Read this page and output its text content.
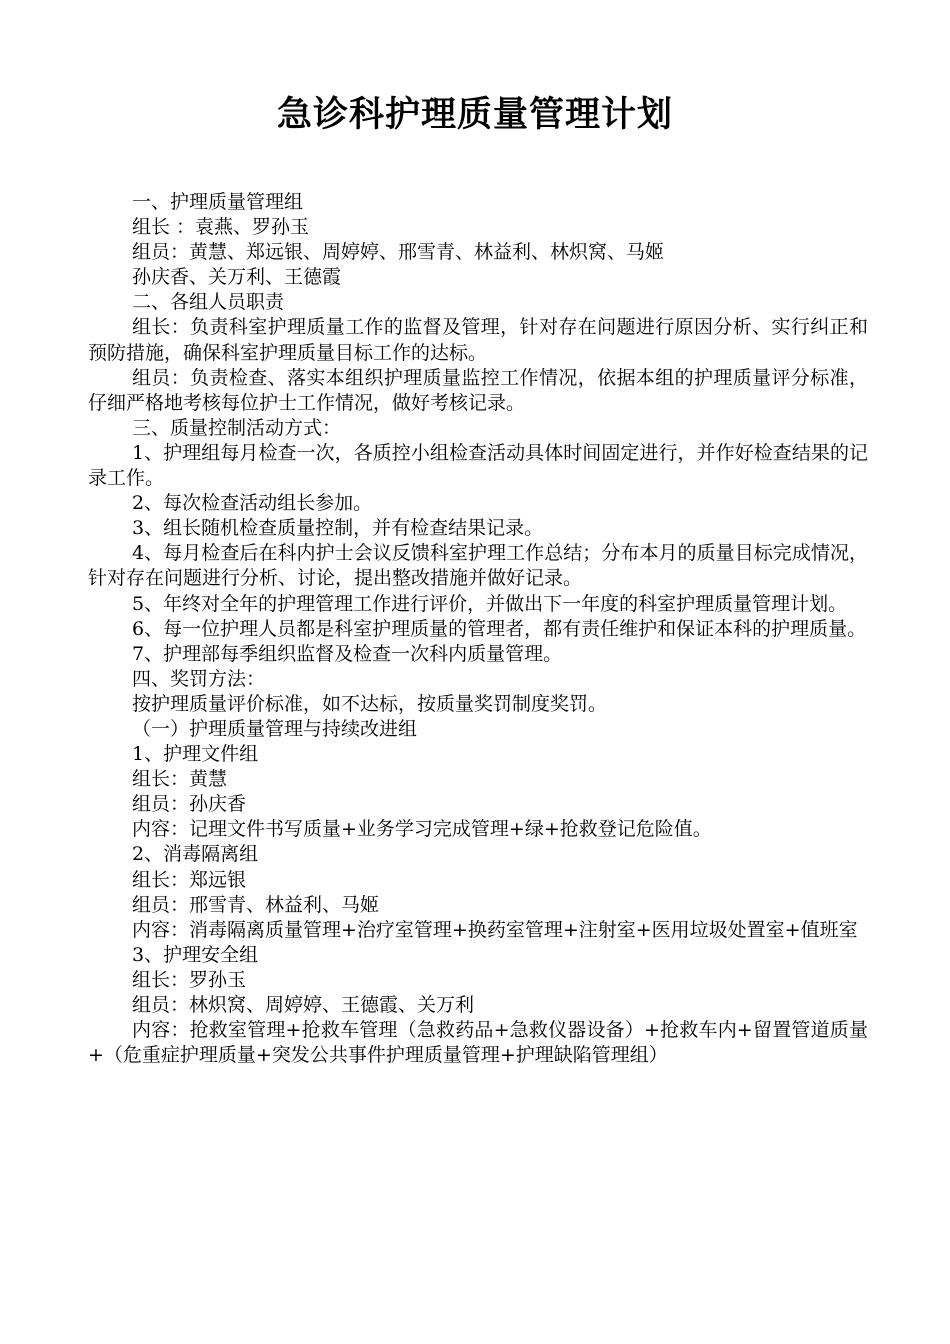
急诊科护理质量管理计划

一、护理质量管理组

组长 ：袁燕、罗孙玉

组员：黄慧、郑远银、周婷婷、邢雪青、林益利、林炽窝、马姬

孙庆香、关万利、王德霞

二、各组人员职责

组长：负责科室护理质量工作的监督及管理，针对存在问题进行原因分析、实行纠正和预防措施，确保科室护理质量目标工作的达标。

组员：负责检查、落实本组织护理质量监控工作情况，依据本组的护理质量评分标准，仔细严格地考核每位护士工作情况，做好考核记录。

三、质量控制活动方式：

1、护理组每月检查一次，各质控小组检查活动具体时间固定进行，并作好检查结果的记录工作。

2、每次检查活动组长参加。

3、组长随机检查质量控制，并有检查结果记录。

4、每月检查后在科内护士会议反馈科室护理工作总结；分布本月的质量目标完成情况，针对存在问题进行分析、讨论，提出整改措施并做好记录。

5、年终对全年的护理管理工作进行评价，并做出下一年度的科室护理质量管理计划。

6、每一位护理人员都是科室护理质量的管理者，都有责任维护和保证本科的护理质量。

7、护理部每季组织监督及检查一次科内质量管理。

四、奖罚方法：

按护理质量评价标准，如不达标，按质量奖罚制度奖罚。

（一）护理质量管理与持续改进组

1、护理文件组

组长：黄慧

组员：孙庆香

内容：记理文件书写质量+业务学习完成管理+绿+抢救登记危险值。

2、消毒隔离组

组长：郑远银

组员：邢雪青、林益利、马姬

内容：消毒隔离质量管理+治疗室管理+换药室管理+注射室+医用垃圾处置室+值班室

3、护理安全组

组长：罗孙玉

组员：林炽窝、周婷婷、王德霞、关万利

内容：抢救室管理+抢救车管理（急救药品+急救仪器设备）+抢救车内+留置管道质量+（危重症护理质量+突发公共事件护理质量管理+护理缺陷管理组）
